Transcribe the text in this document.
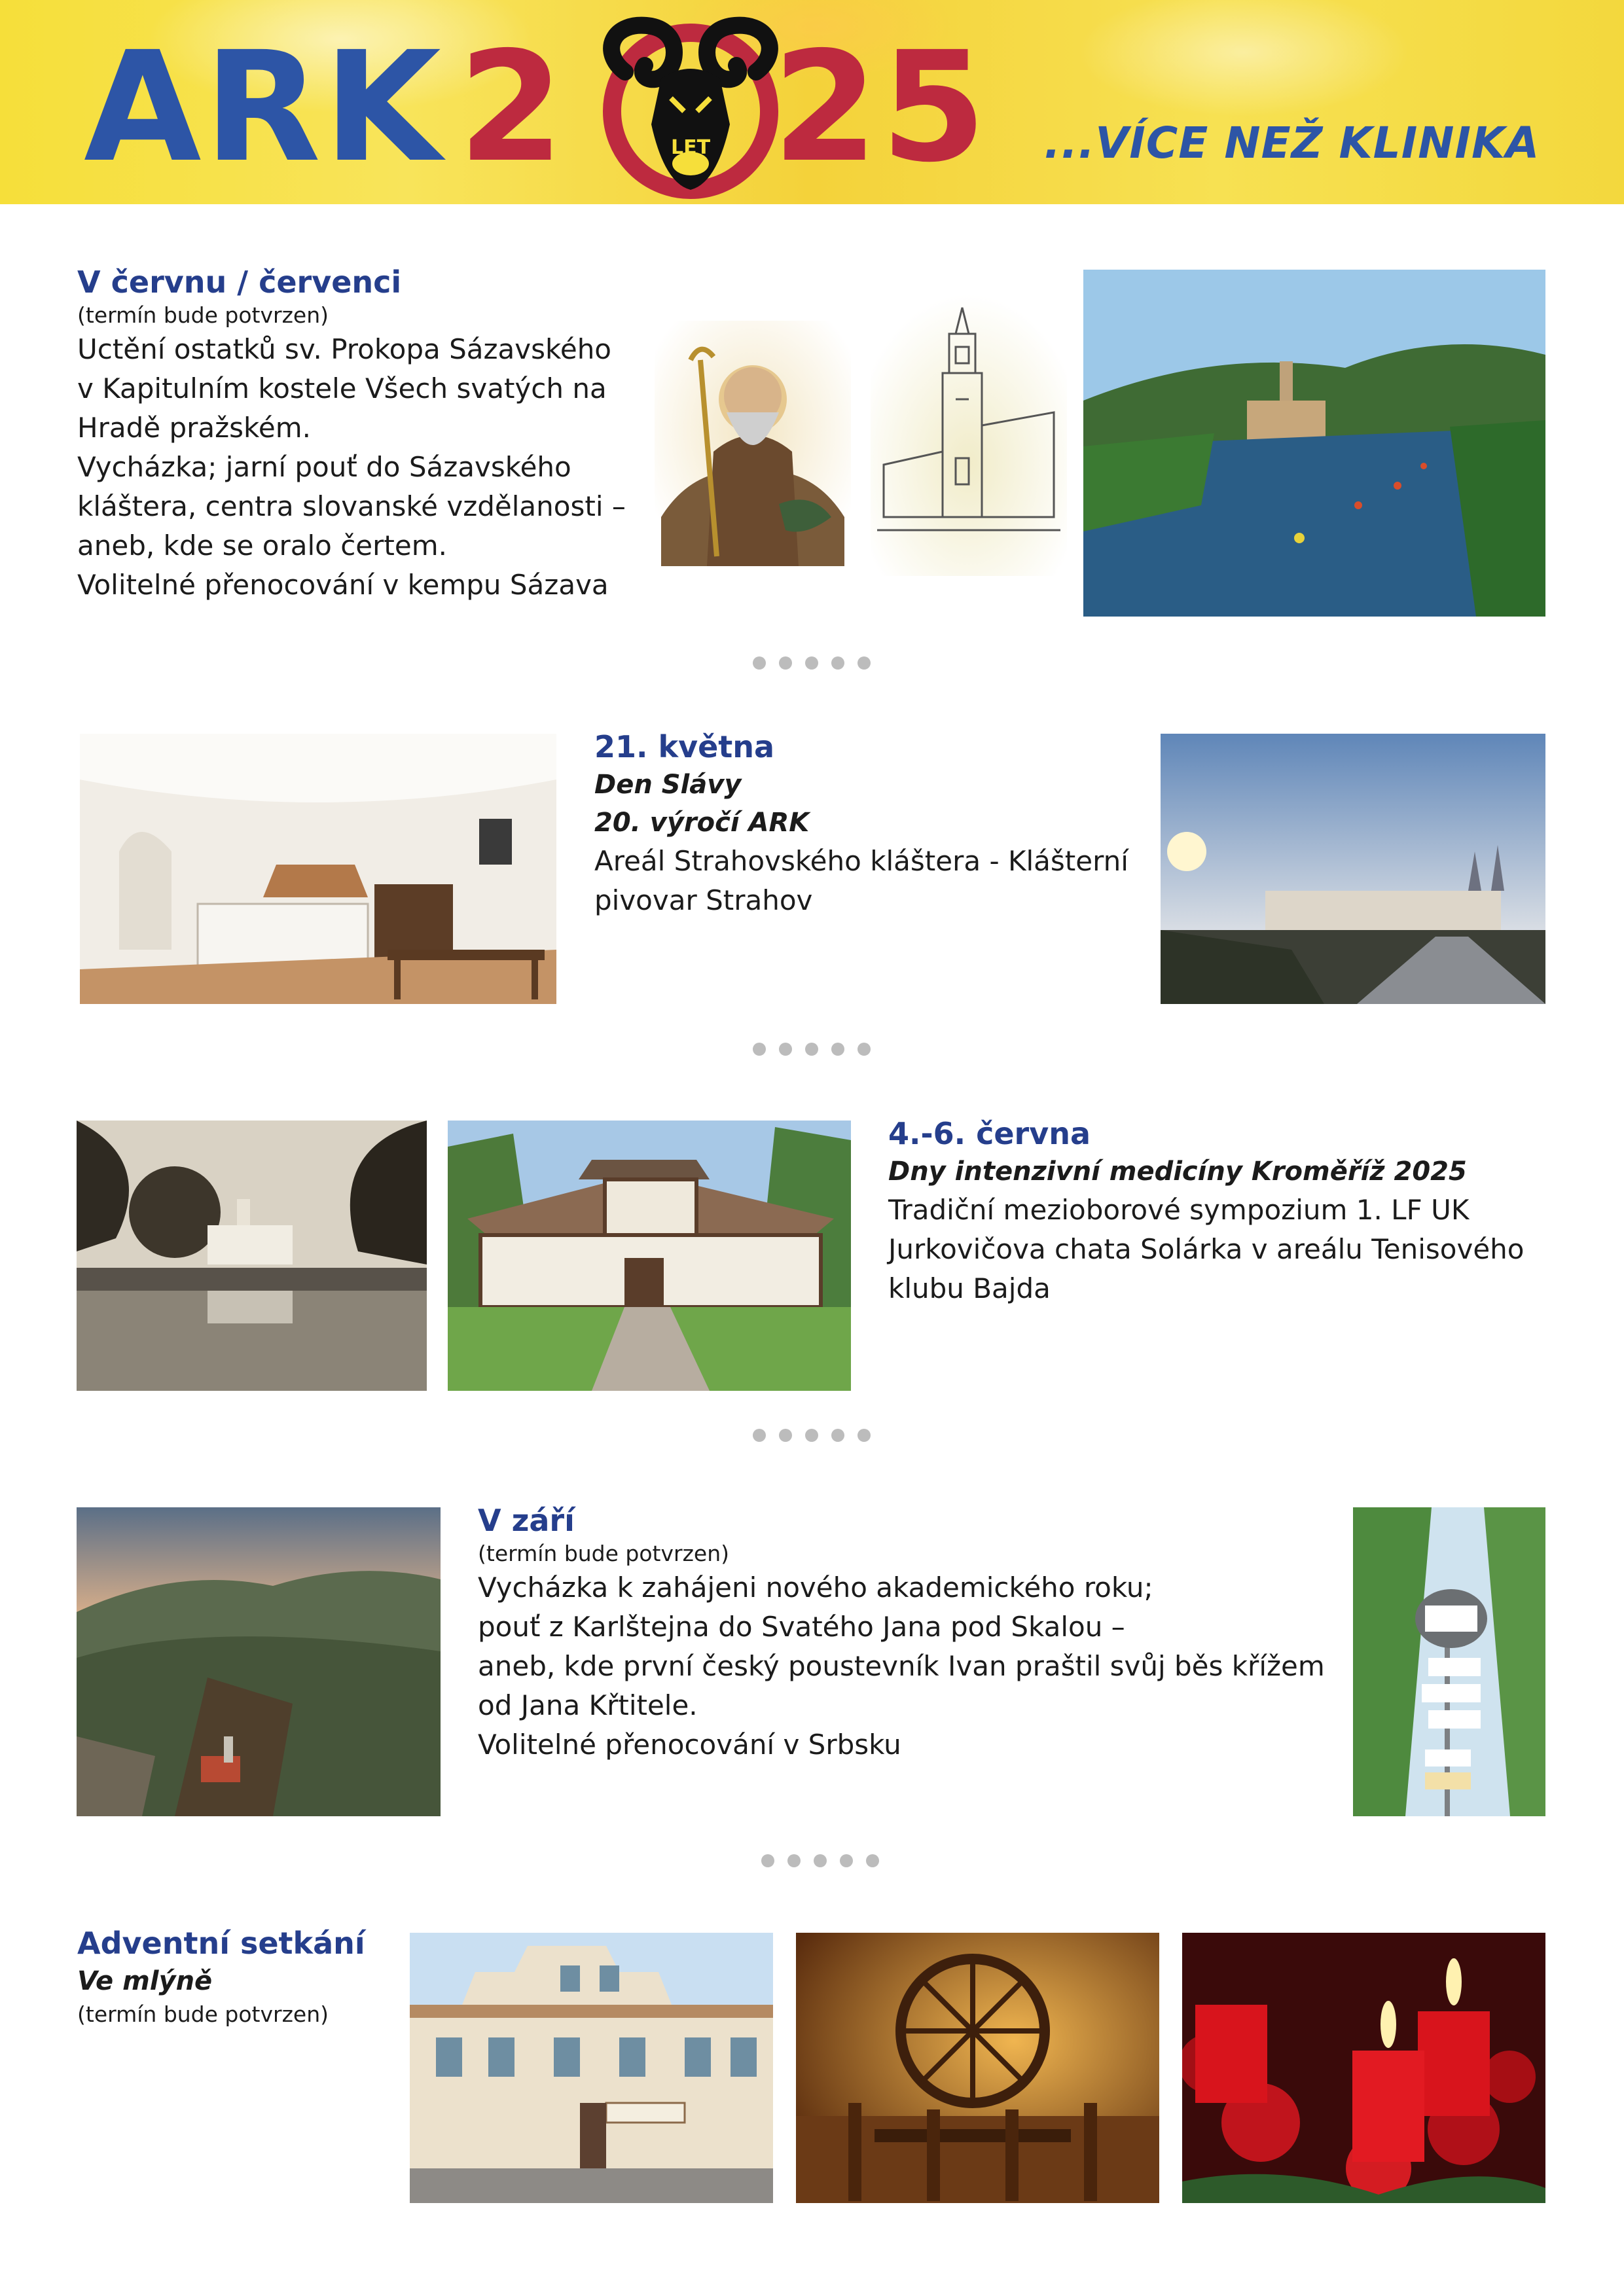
ARK 2	LET 25 ...VÍCE NEŽ KLINIKA
V červnu / červenci
(termín bude potvrzen)
Uctění ostatků sv. Prokopa Sázavského
v Kapitulním kostele Všech svatých na
Hradě pražském.
Vycházka; jarní pouť do Sázavského
kláštera, centra slovanské vzdělanosti –
aneb, kde se oralo čertem.
Volitelné přenocování v kempu Sázava
21. května
Den Slávy
20. výročí ARK
Areál Strahovského kláštera - Klášterní
pivovar Strahov
4.-6. června
Dny intenzivní medicíny Kroměříž 2025
Tradiční mezioborové sympozium 1. LF UK
Jurkovičova chata Solárka v areálu Tenisového
klubu Bajda
V září
(termín bude potvrzen)
Vycházka k zahájeni nového akademického roku;
pouť z Karlštejna do Svatého Jana pod Skalou –
aneb, kde první český poustevník Ivan praštil svůj běs křížem
od Jana Křtitele.
Volitelné přenocování v Srbsku
Adventní setkání
Ve mlýně
(termín bude potvrzen)
